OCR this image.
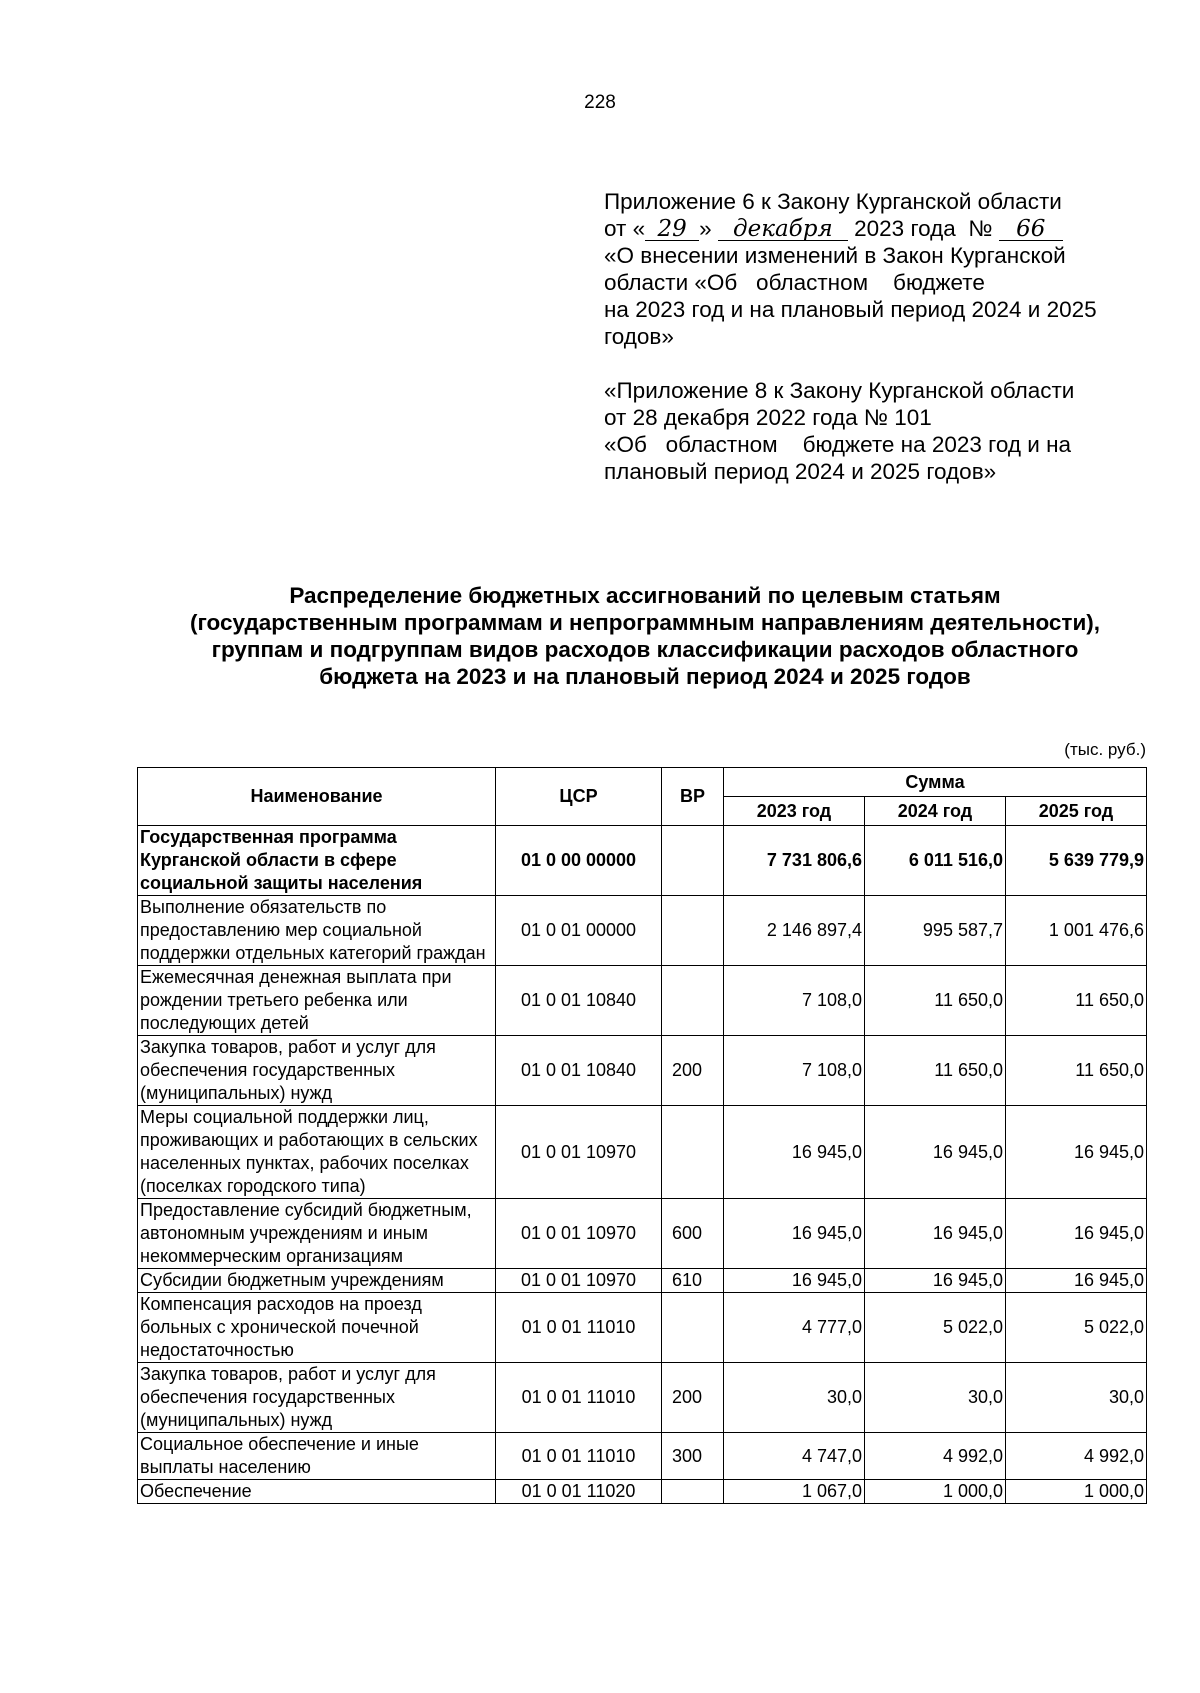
228
Приложение 6 к Закону Курганской области
от « 29 » декабря 2023 года № 66
«О внесении изменений в Закон Курганской
области «Об   областном    бюджете
на 2023 год и на плановый период 2024 и 2025
годов»
«Приложение 8 к Закону Курганской области
от 28 декабря 2022 года № 101
«Об   областном    бюджете на 2023 год и на
плановый период 2024 и 2025 годов»
Распределение бюджетных ассигнований по целевым статьям
(государственным программам и непрограммным направлениям деятельности),
группам и подгруппам видов расходов классификации расходов областного
бюджета на 2023 и на плановый период 2024 и 2025 годов
(тыс. руб.)
Наименование	ЦСР	ВР	Сумма		
			2023 год	2024 год	2025 год
Государственная программа Курганской области в сфере социальной защиты населения	01 0 00 00000		7 731 806,6	6 011 516,0	5 639 779,9
Выполнение обязательств по предоставлению мер социальной поддержки отдельных категорий граждан	01 0 01 00000		2 146 897,4	995 587,7	1 001 476,6
Ежемесячная денежная выплата при рождении третьего ребенка или последующих детей	01 0 01 10840		7 108,0	11 650,0	11 650,0
Закупка товаров, работ и услуг для обеспечения государственных (муниципальных) нужд	01 0 01 10840	200	7 108,0	11 650,0	11 650,0
Меры социальной поддержки лиц, проживающих и работающих в сельских населенных пунктах, рабочих поселках (поселках городского типа)	01 0 01 10970		16 945,0	16 945,0	16 945,0
Предоставление субсидий бюджетным, автономным учреждениям и иным некоммерческим организациям	01 0 01 10970	600	16 945,0	16 945,0	16 945,0
Субсидии бюджетным учреждениям	01 0 01 10970	610	16 945,0	16 945,0	16 945,0
Компенсация расходов на проезд больных с хронической почечной недостаточностью	01 0 01 11010		4 777,0	5 022,0	5 022,0
Закупка товаров, работ и услуг для обеспечения государственных (муниципальных) нужд	01 0 01 11010	200	30,0	30,0	30,0
Социальное обеспечение и иные выплаты населению	01 0 01 11010	300	4 747,0	4 992,0	4 992,0
Обеспечение	01 0 01 11020		1 067,0	1 000,0	1 000,0
